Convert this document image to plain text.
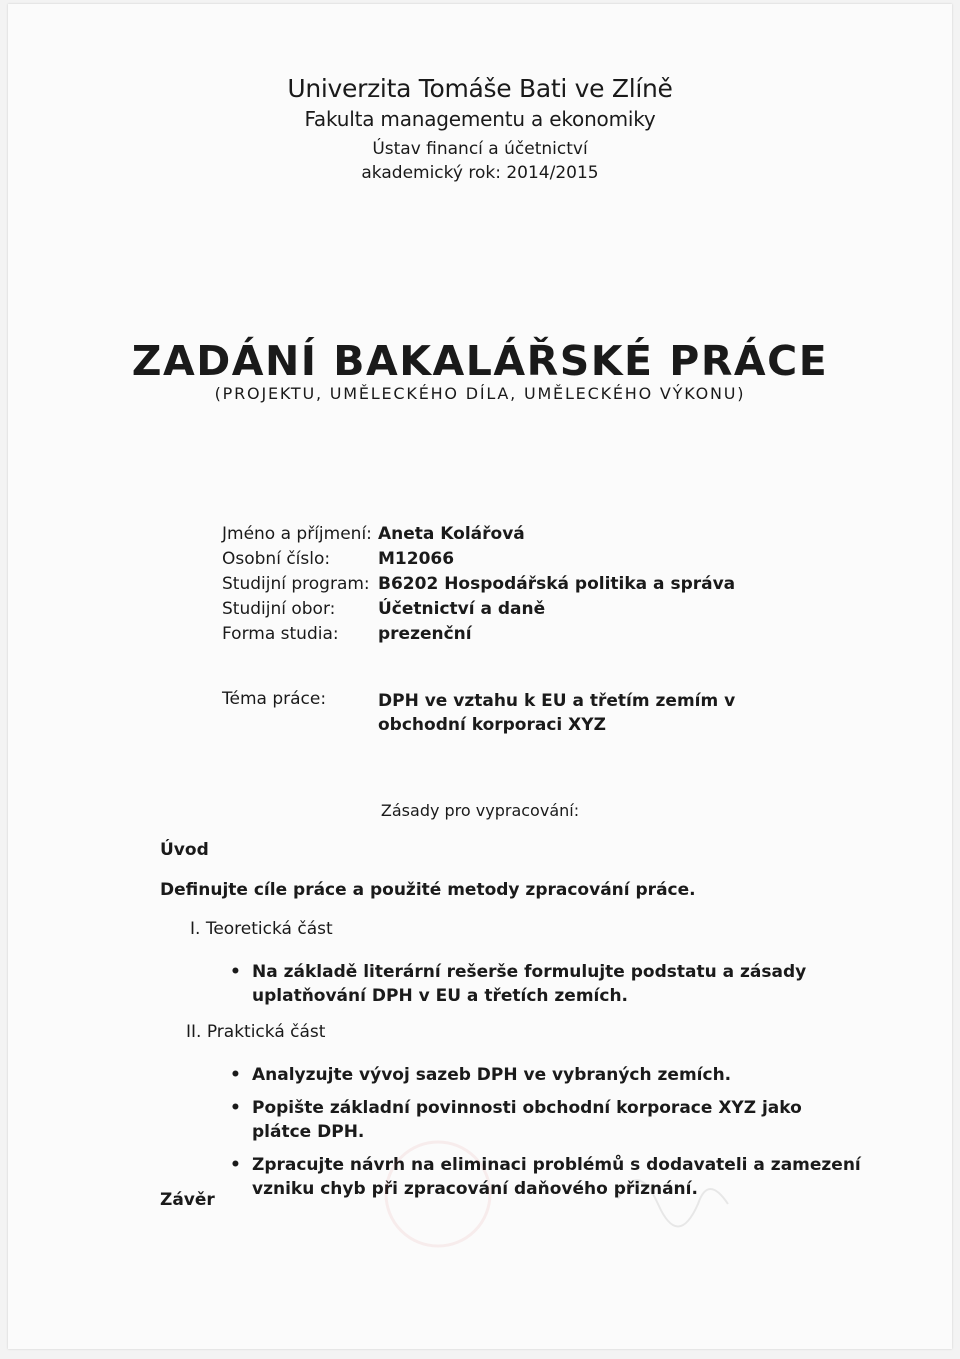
Univerzita Tomáše Bati ve Zlíně

Fakulta managementu a ekonomiky

Ústav financí a účetnictví

akademický rok: 2014/2015

ZADÁNÍ BAKALÁŘSKÉ PRÁCE

(PROJEKTU, UMĚLECKÉHO DÍLA, UMĚLECKÉHO VÝKONU)

Jméno a příjmení: Aneta Kolářová
Osobní číslo:	M12066
Studijní program: B6202 Hospodářská politika a správa
Studijní obor:	Účetnictví a daně
Forma studia:	prezenční
Téma práce:	DPH ve vztahu k EU a třetím zemím v obchodní korporaci XYZ
Zásady pro vypracování:
Úvod
Definujte cíle práce a použité metody zpracování práce.
I. Teoretická část
• Na základě literární rešerše formulujte podstatu a zásady uplatňování DPH v EU a třetích zemích.
II. Praktická část
• Analyzujte vývoj sazeb DPH ve vybraných zemích.
• Popište základní povinnosti obchodní korporace XYZ jako plátce DPH.
• Zpracujte návrh na eliminaci problémů s dodavateli a zamezení vzniku chyb při zpracování daňového přiznání.
Závěr
